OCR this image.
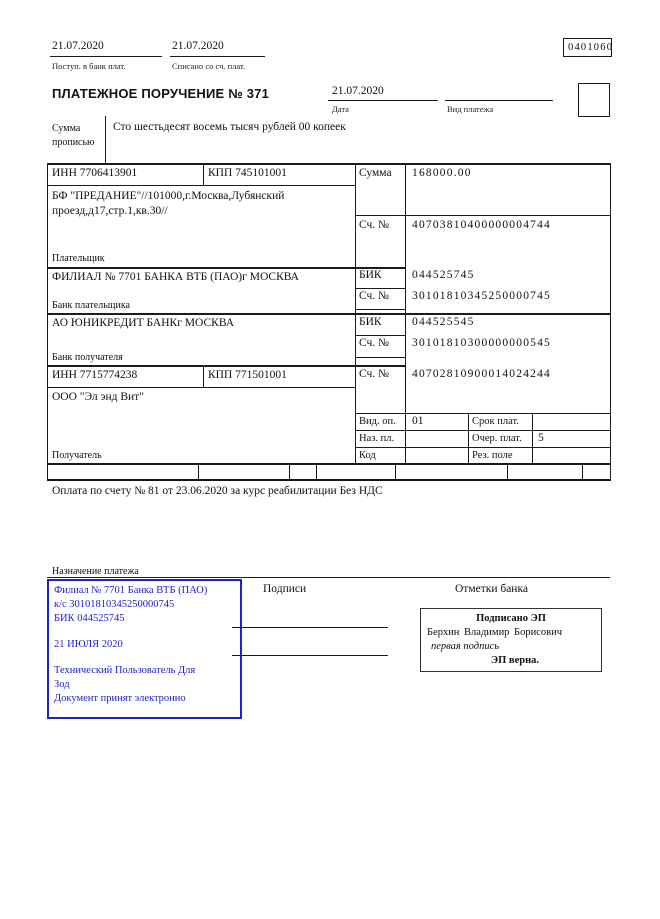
21.07.2020
Поступ. в банк плат.
21.07.2020
Списано со сч. плат.
0401060
ПЛАТЕЖНОЕ ПОРУЧЕНИЕ № 371	21.07.2020
Дата	Вид платежа
Сумма
прописью
Сто шестьдесят восемь тысяч рублей 00 копеек
ИНН 7706413901	КПП 745101001
БФ "ПРЕДАНИЕ"//101000,г.Москва,Лубянский проезд,д17,стр.1,кв.30//
Плательщик
ФИЛИАЛ № 7701 БАНКА ВТБ (ПАО)г МОСКВА
Банк плательщика
АО ЮНИКРЕДИТ БАНКг МОСКВА
Банк получателя
ИНН 7715774238	КПП 771501001
ООО "Эл энд Вит"
Получатель
Сумма 168000.00
Сч. № 40703810400000004744
БИК	044525745
Сч. № 30101810345250000745
БИК	044525545
Сч. № 30101810300000000545
Сч. № 40702810900014024244
Вид. оп. 01	Срок плат.
Наз. пл.	Очер. плат. 5
Код	Рез. поле
Оплата по счету № 81 от 23.06.2020 за курс реабилитации Без НДС
Назначение платежа
Филиал № 7701 Банка ВТБ (ПАО)
к/с 30101810345250000745
БИК 044525745
21 ИЮЛЯ 2020
Технический Пользователь Для
Зод
Документ принят электронно
Подписи	Отметки банка
Подписано ЭП
Берхин Владимир Борисович
первая подпись
ЭП верна.
